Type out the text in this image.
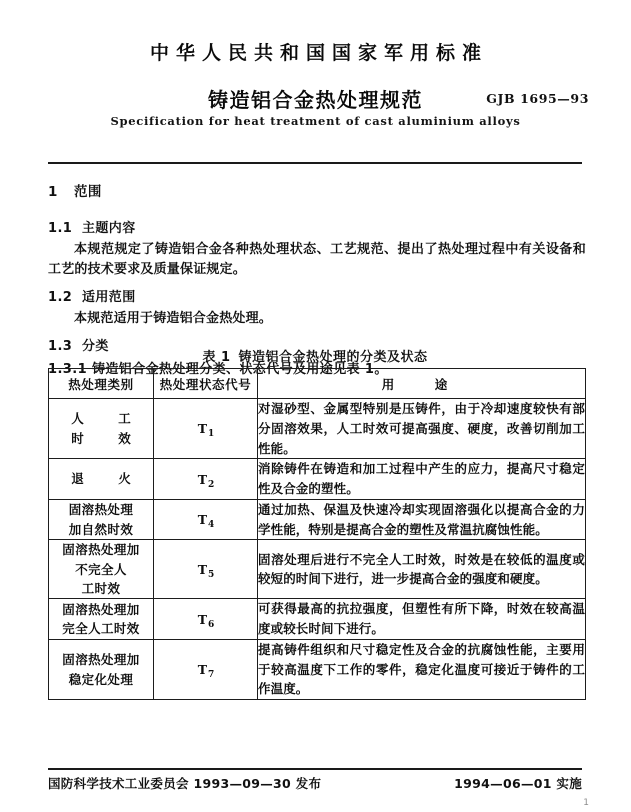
中华人民共和国国家军用标准
铸造铝合金热处理规范	GJB 1695—93
Specification for heat treatment of cast aluminium alloys
1 范围
1.1 主题内容

本规范规定了铸造铝合金各种热处理状态、工艺规范、提出了热处理过程中有关设备和工艺的技术要求及质量保证规定。

1.2 适用范围

本规范适用于铸造铝合金热处理。

1.3 分类
1.3.1 铸造铝合金热处理分类、状态代号及用途见表 1。
表 1 铸造铝合金热处理的分类及状态
热处理类别	热处理状态代号	用　途

人　工
时　效	$T_1$	对湿砂型、金属型特别是压铸件，由于冷却速度较快有部分固溶效果，人工时效可提高强度、硬度，改善切削加工性能。

退　火	$T_2$	消除铸件在铸造和加工过程中产生的应力，提高尺寸稳定性及合金的塑性。

固溶热处理
加自然时效	$T_4$	通过加热、保温及快速冷却实现固溶强化以提高合金的力学性能，特别是提高合金的塑性及常温抗腐蚀性能。

固溶热处理加
不完全人
工时效	$T_5$	固溶处理后进行不完全人工时效，时效是在较低的温度或较短的时间下进行，进一步提高合金的强度和硬度。

固溶热处理加
完全人工时效	$T_6$	可获得最高的抗拉强度，但塑性有所下降，时效在较高温度或较长时间下进行。

固溶热处理加
稳定化处理	$T_7$	提高铸件组织和尺寸稳定性及合金的抗腐蚀性能，主要用于较高温度下工作的零件，稳定化温度可接近于铸件的工作温度。
国防科学技术工业委员会 1993—09—30 发布	1994—06—01 实施
1
